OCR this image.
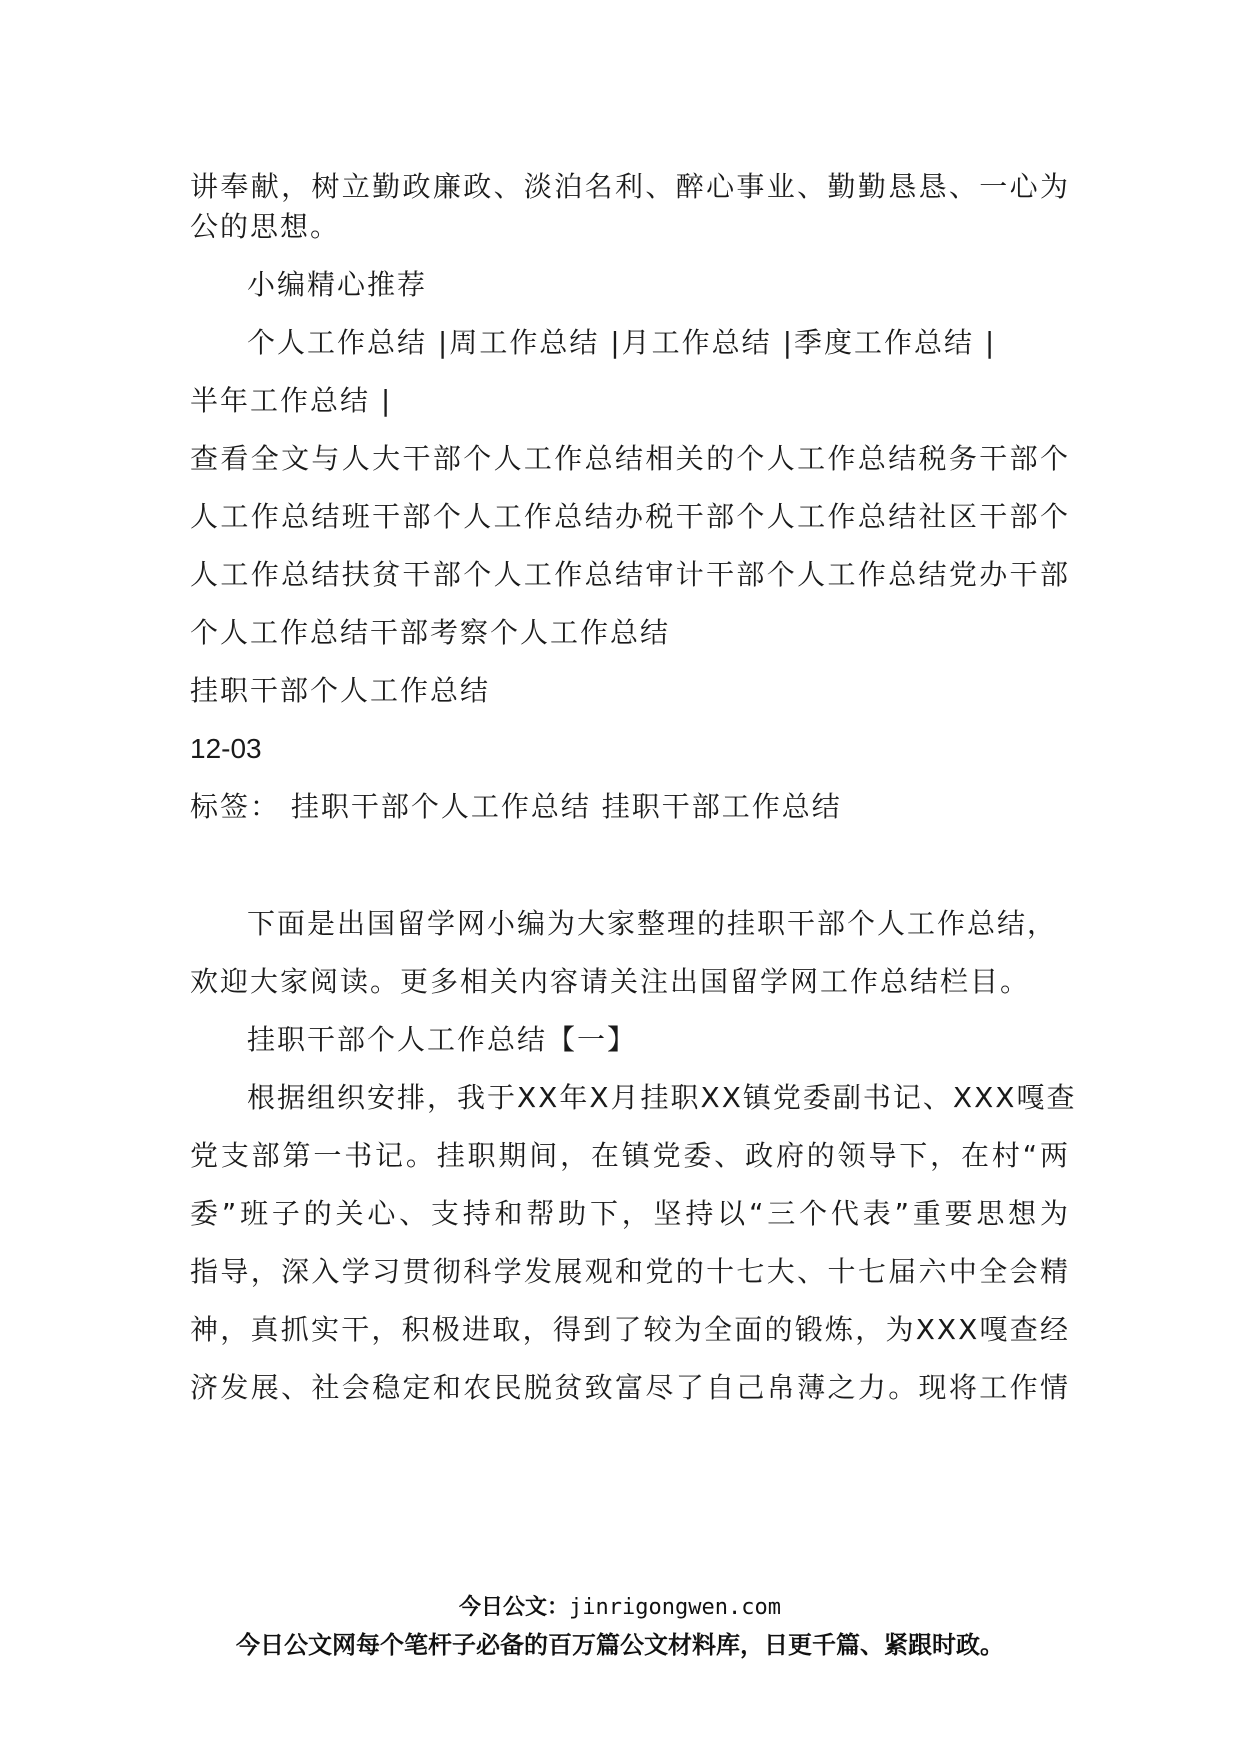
讲奉献，树立勤政廉政、淡泊名利、醉心事业、勤勤恳恳、一心为
公的思想。
小编精心推荐
个人工作总结 |周工作总结 |月工作总结 |季度工作总结 |
半年工作总结 |
查看全文与人大干部个人工作总结相关的个人工作总结税务干部个
人工作总结班干部个人工作总结办税干部个人工作总结社区干部个
人工作总结扶贫干部个人工作总结审计干部个人工作总结党办干部
个人工作总结干部考察个人工作总结
挂职干部个人工作总结
12-03
标签： 挂职干部个人工作总结 挂职干部工作总结
下面是出国留学网小编为大家整理的挂职干部个人工作总结，
欢迎大家阅读。更多相关内容请关注出国留学网工作总结栏目。
挂职干部个人工作总结【一】
根据组织安排，我于XX年X月挂职XX镇党委副书记、XXX嘎查
党支部第一书记。挂职期间，在镇党委、政府的领导下，在村“两
委”班子的关心、支持和帮助下，坚持以“三个代表”重要思想为
指导，深入学习贯彻科学发展观和党的十七大、十七届六中全会精
神，真抓实干，积极进取，得到了较为全面的锻炼，为XXX嘎查经
济发展、社会稳定和农民脱贫致富尽了自己帛薄之力。现将工作情
今日公文：jinrigongwen.com
今日公文网每个笔杆子必备的百万篇公文材料库，日更千篇、紧跟时政。
